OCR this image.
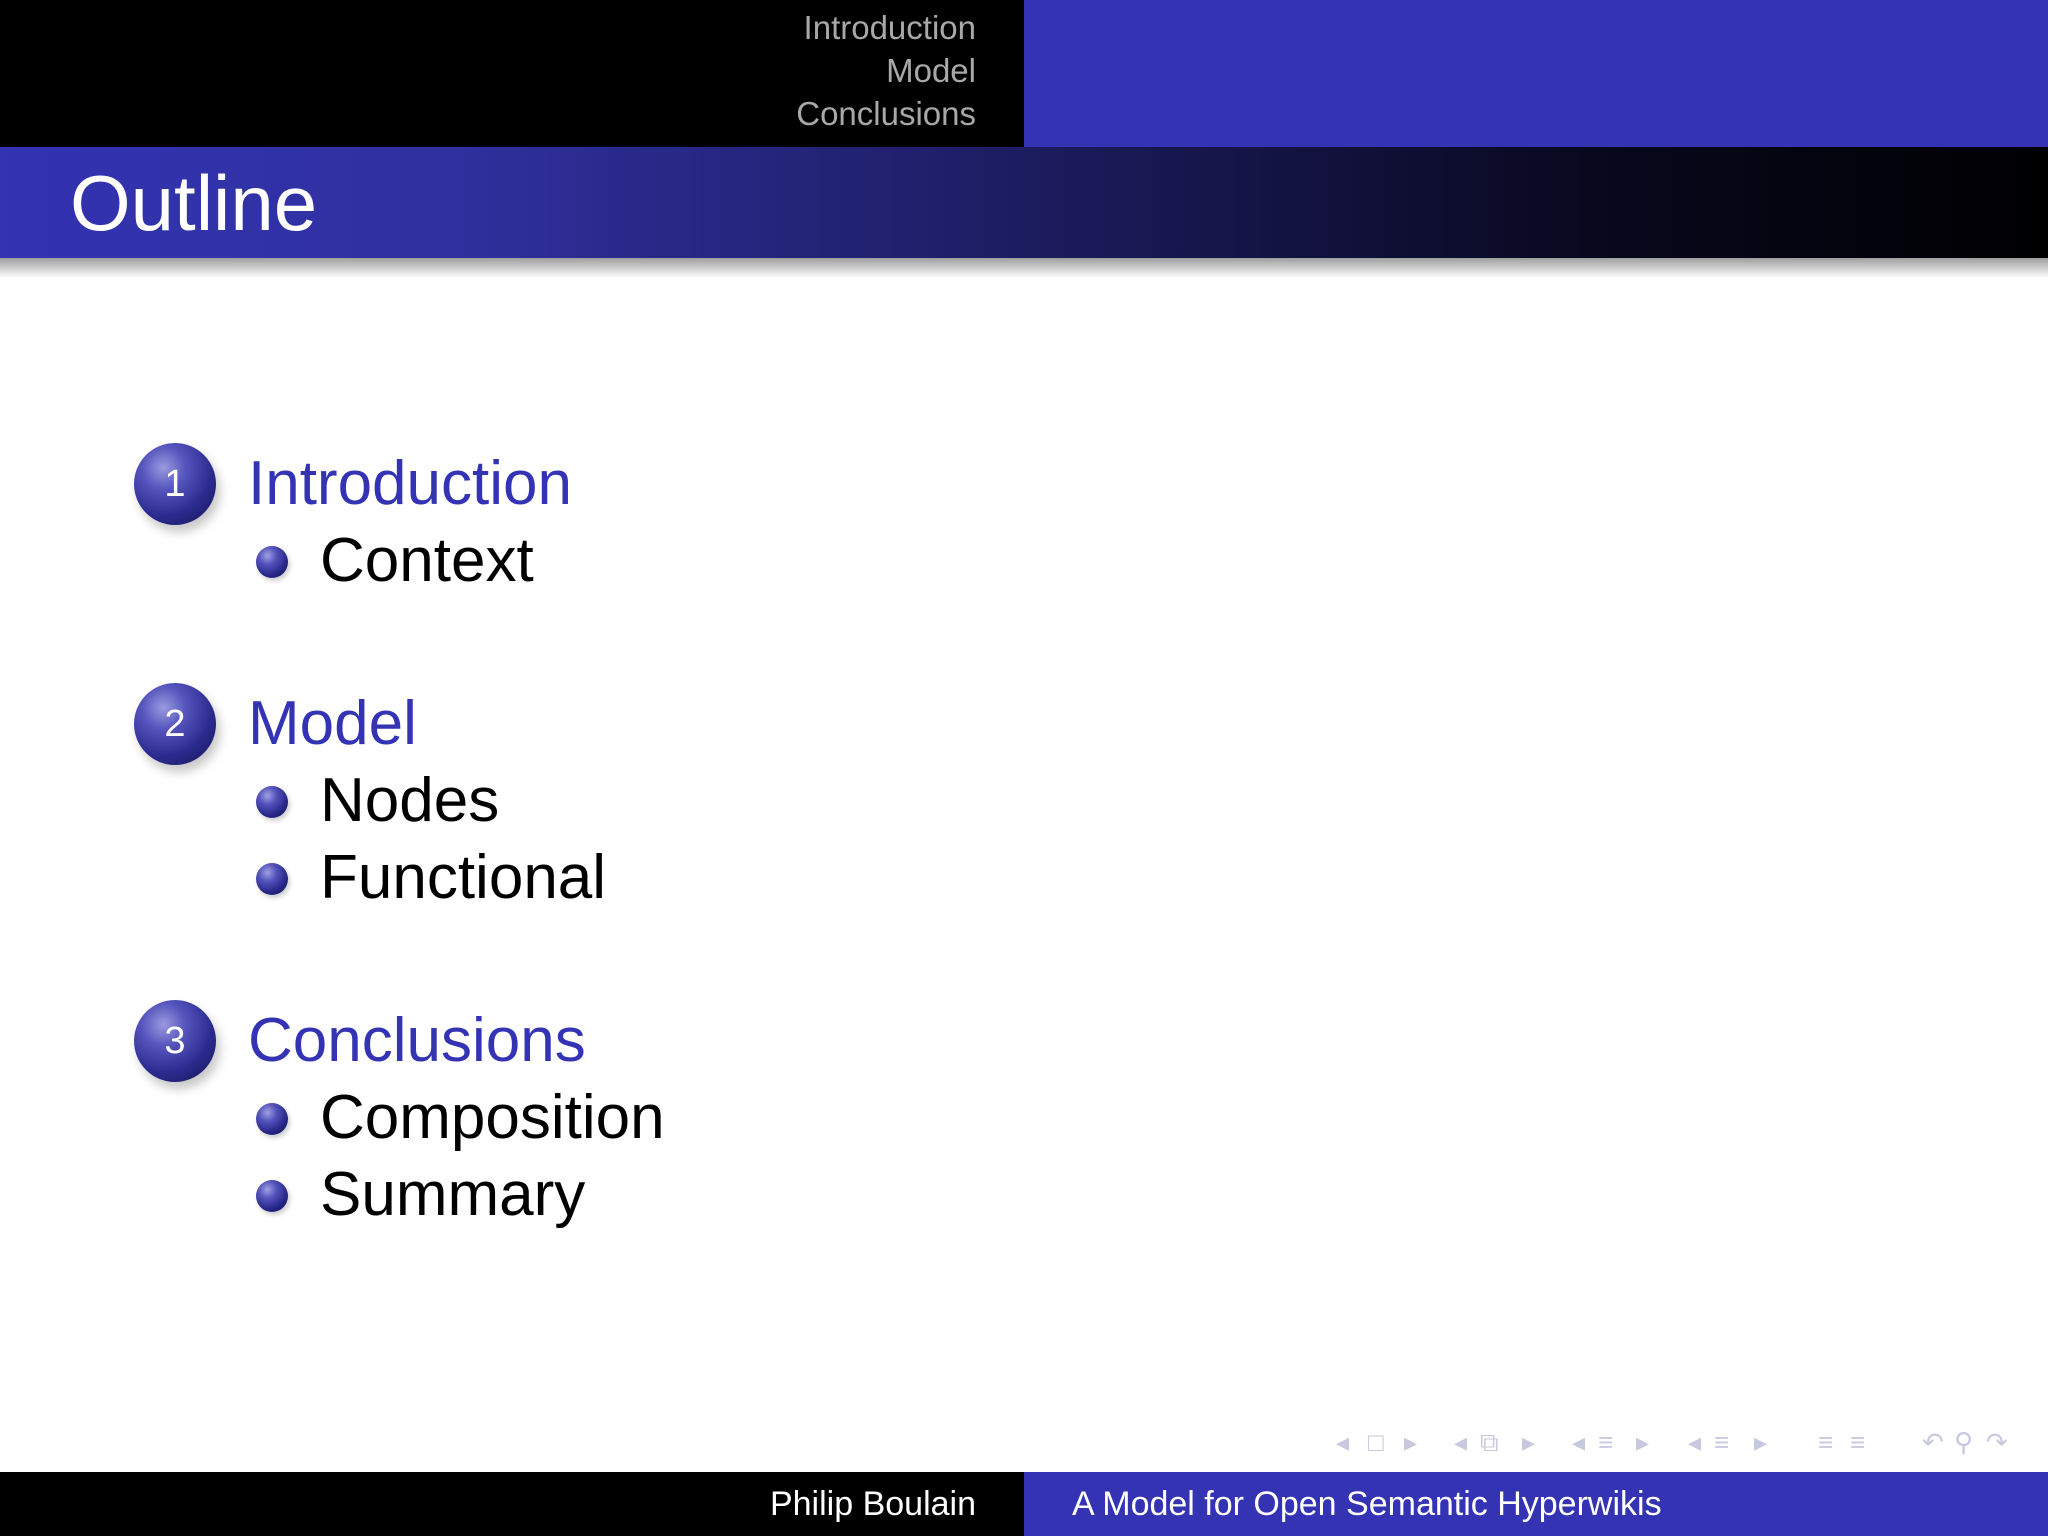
Introduction
Model
Conclusions
Outline
1	Introduction
Context
2	Model
Nodes
Functional
3	Conclusions
Composition
Summary
◂ □ ▸ ◂ ⧉ ▸ ◂ ≡ ▸ ◂ ≡ ▸ ≡ ≡ ↶ ⚲ ↷
Philip Boulain	A Model for Open Semantic Hyperwikis
